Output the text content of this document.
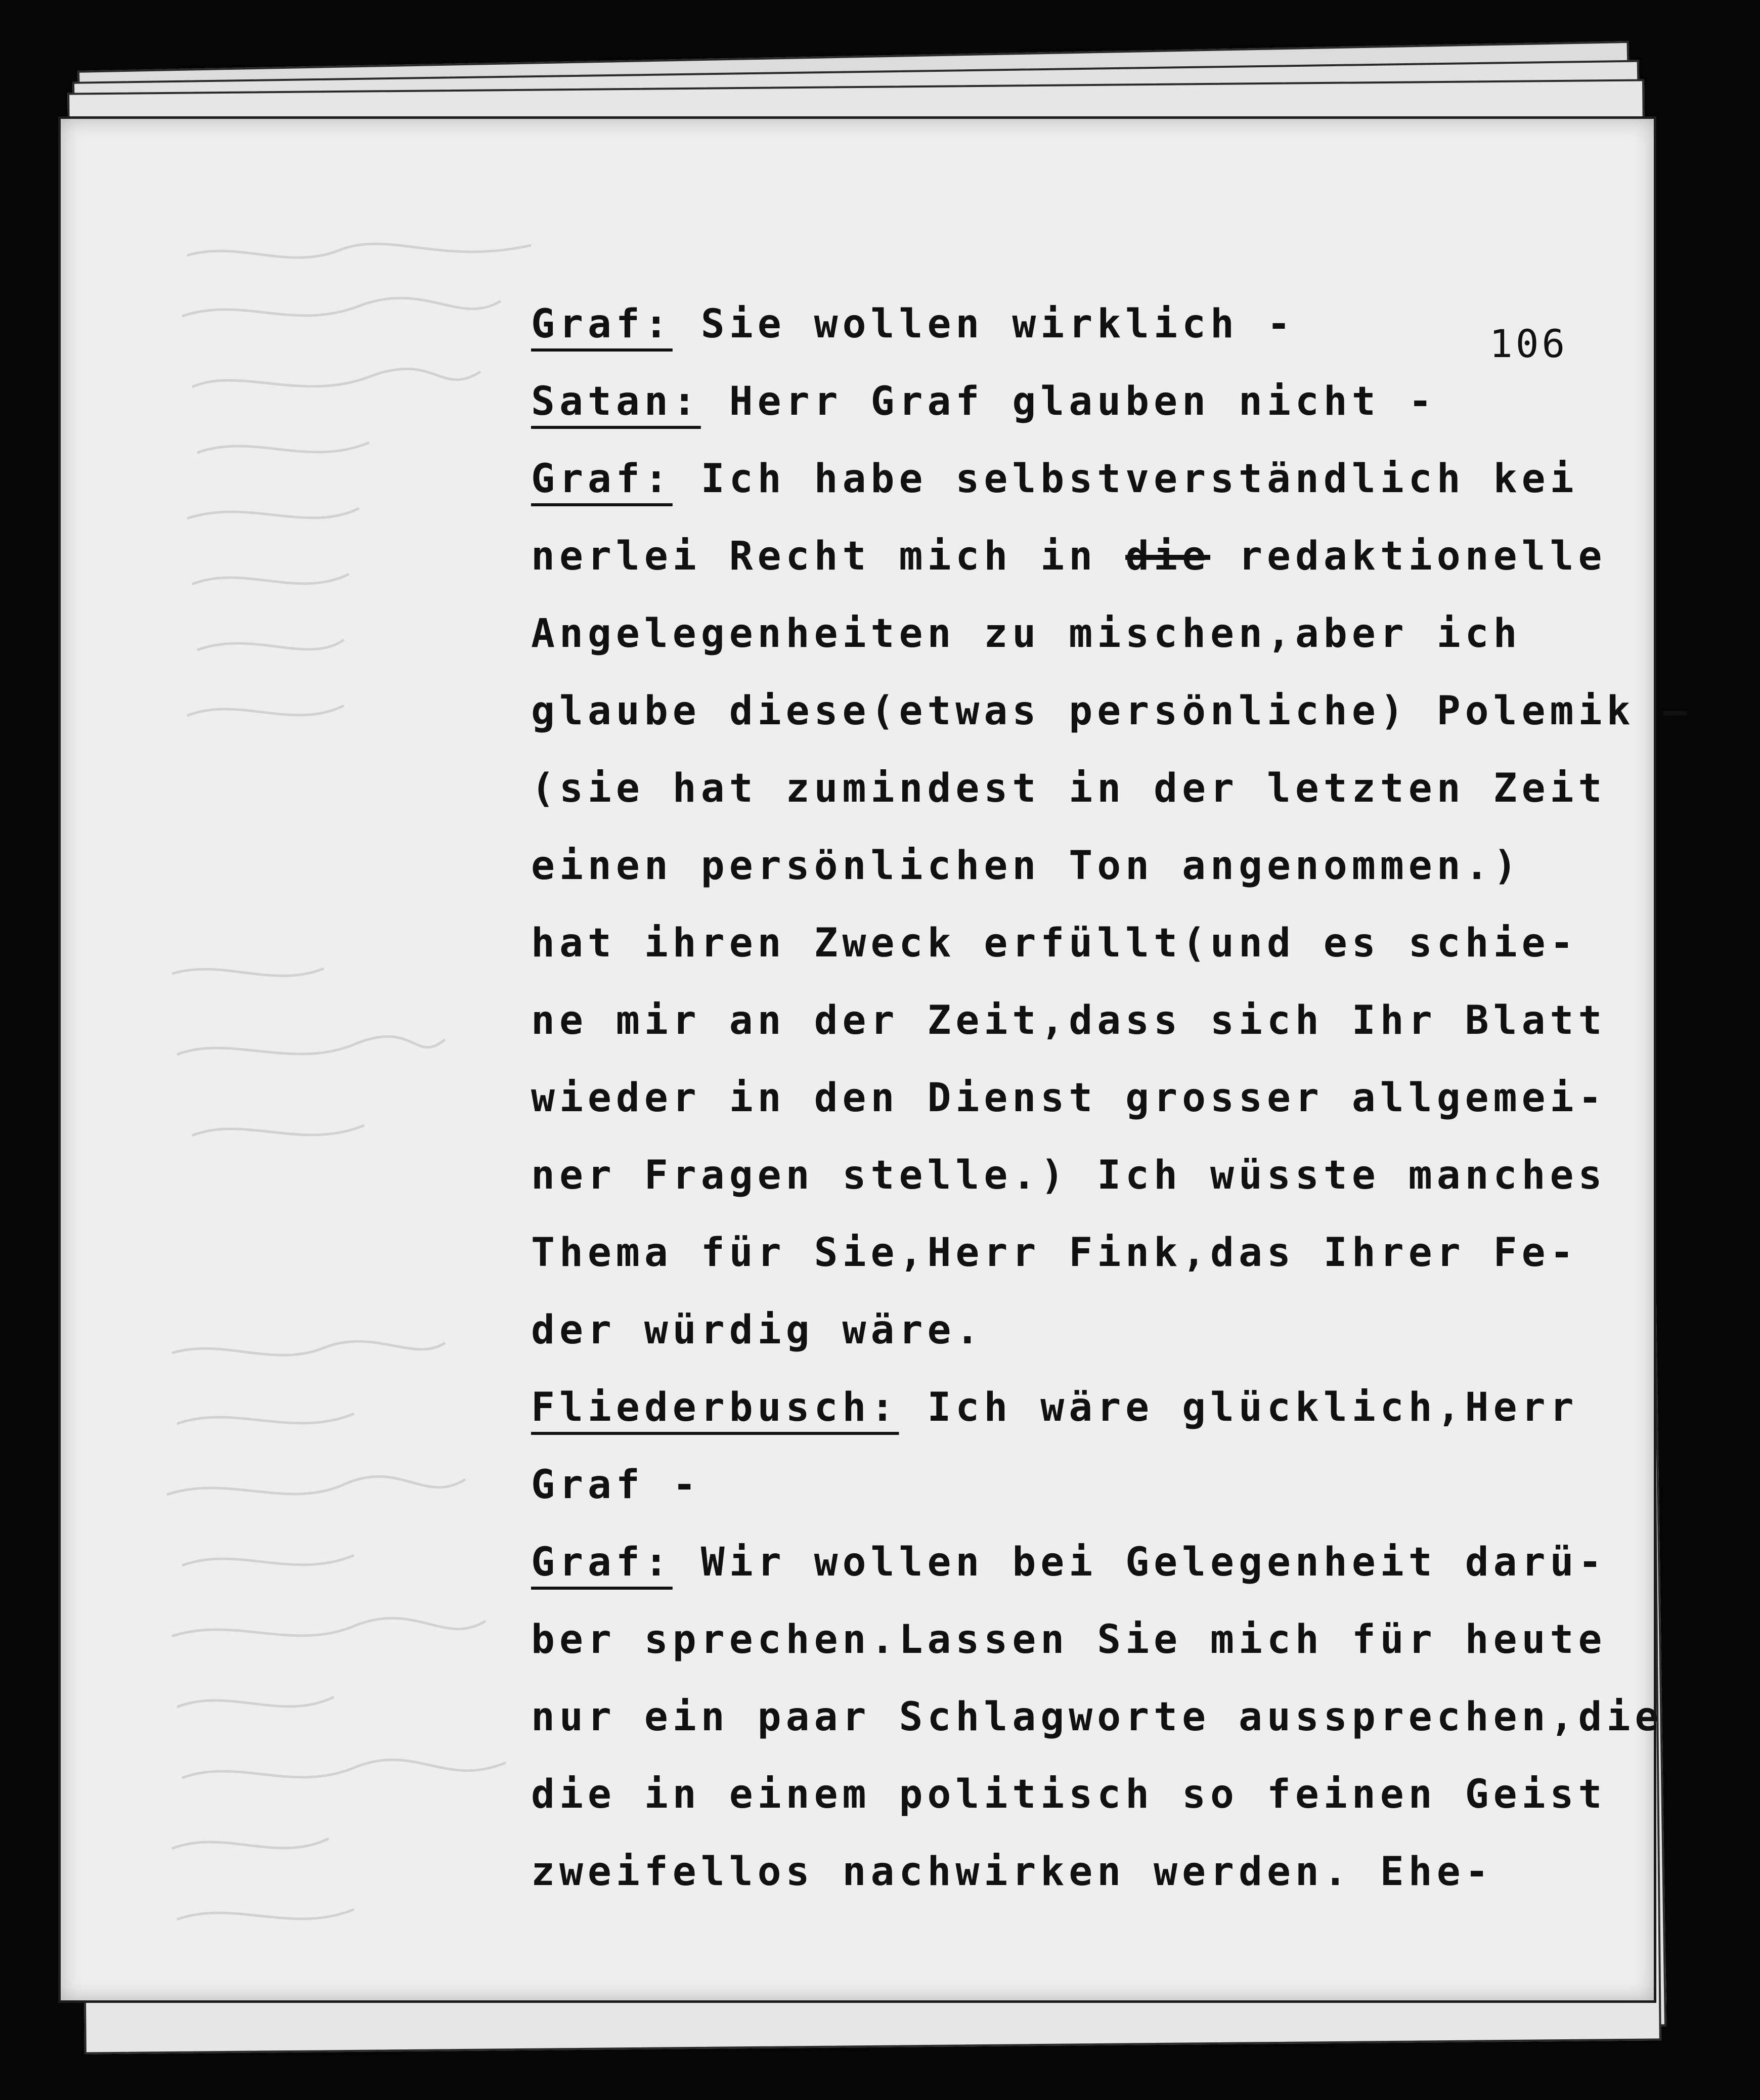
106
Graf: Sie wollen wirklich -
Satan: Herr Graf glauben nicht -
Graf: Ich habe selbstverständlich kei
nerlei Recht mich in die redaktionelle
Angelegenheiten zu mischen,aber ich
glaube diese(etwas persönliche) Polemik —
(sie hat zumindest in der letzten Zeit
einen persönlichen Ton angenommen.)
hat ihren Zweck erfüllt(und es schie-
ne mir an der Zeit,dass sich Ihr Blatt
wieder in den Dienst grosser allgemei-
ner Fragen stelle.) Ich wüsste manches
Thema für Sie,Herr Fink,das Ihrer Fe-
der würdig wäre.
Fliederbusch: Ich wäre glücklich,Herr
Graf -
Graf: Wir wollen bei Gelegenheit darü-
ber sprechen.Lassen Sie mich für heute
nur ein paar Schlagworte aussprechen,die
die in einem politisch so feinen Geist
zweifellos nachwirken werden. Ehe-
